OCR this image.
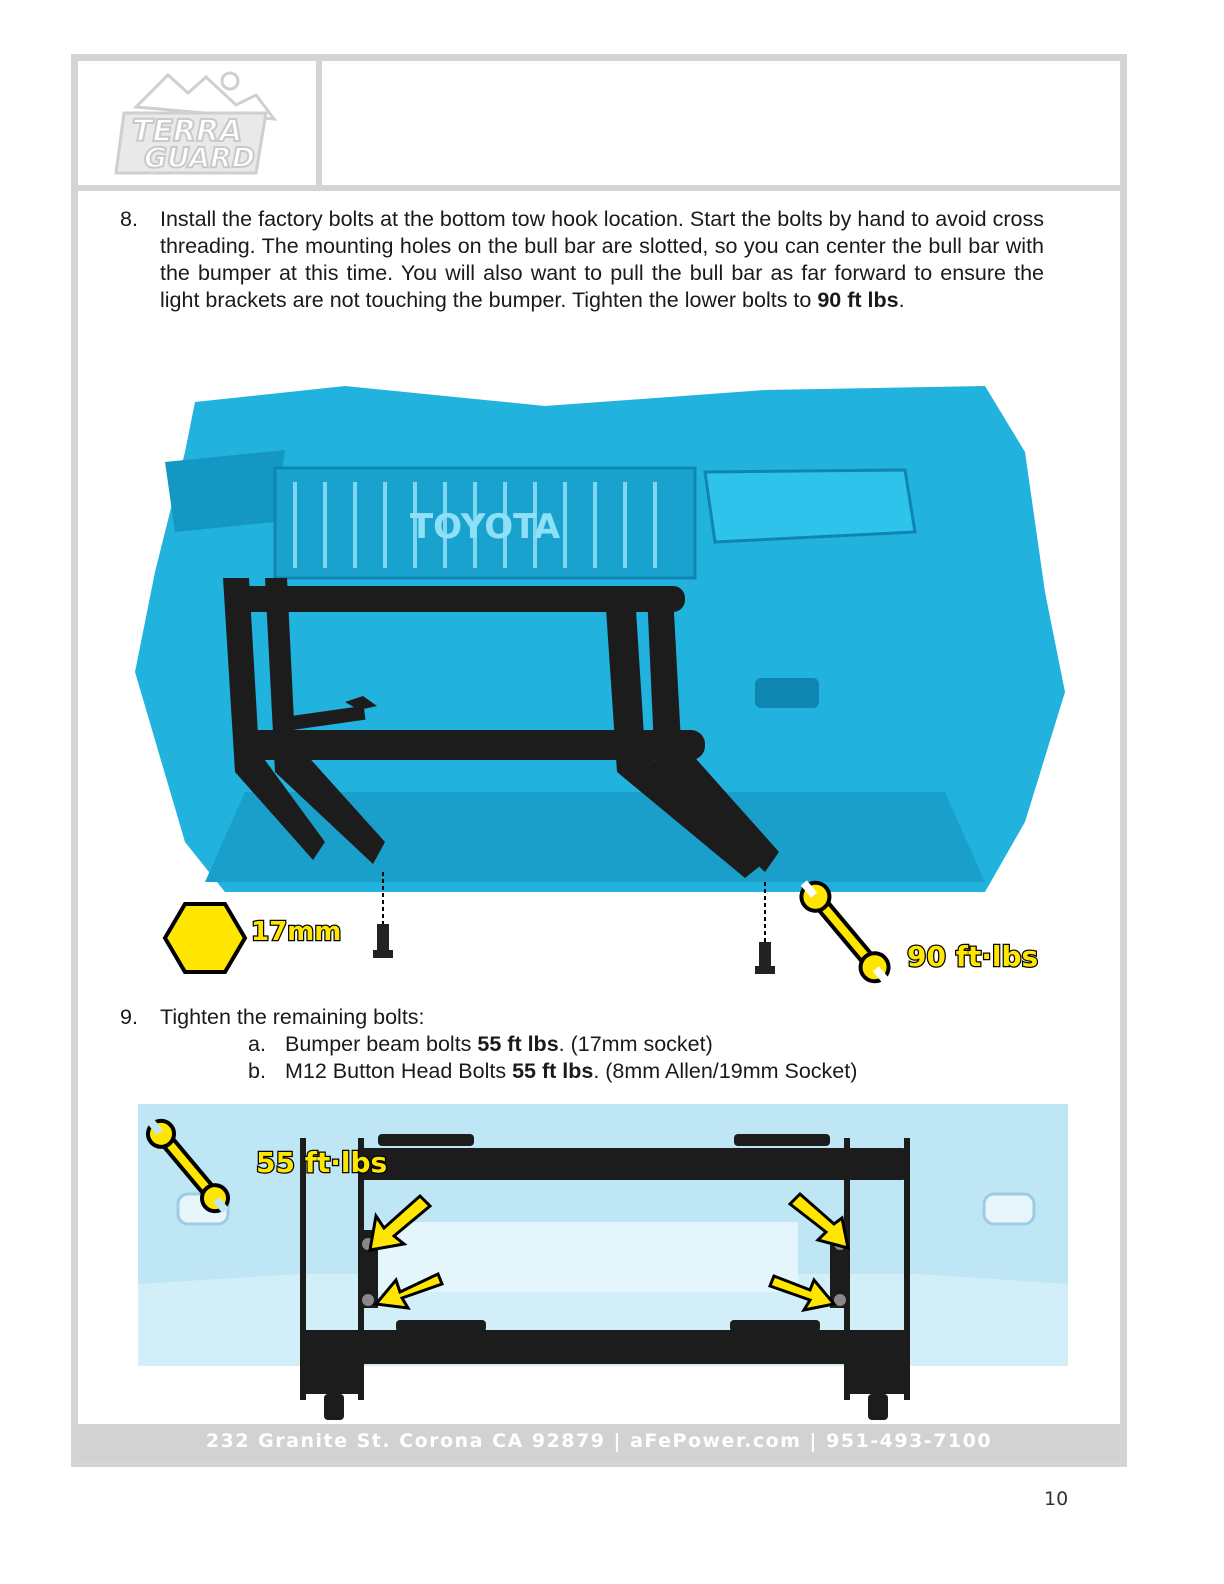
TERRA
GUARD
232 Granite St. Corona CA 92879 | aFePower.com | 951-493-7100
8.	Install the factory bolts at the bottom tow hook location. Start the bolts by hand to avoid cross threading. The mounting holes on the bull bar are slotted, so you can center the bull bar with the bumper at this time. You will also want to pull the bull bar as far forward to ensure the light brackets are not touching the bumper. Tighten the lower bolts to 90 ft lbs.
TOYOTA
17mm
90 ft·lbs
9.	Tighten the remaining bolts:
a. Bumper beam bolts 55 ft lbs. (17mm socket)
b. M12 Button Head Bolts 55 ft lbs. (8mm Allen/19mm Socket)
55 ft·lbs
10
